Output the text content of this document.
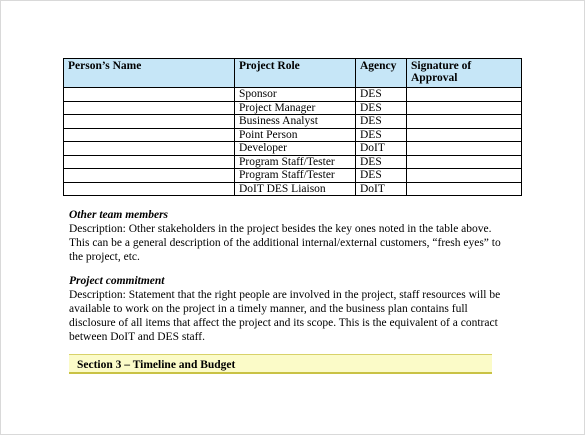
Person’s Name	Project Role	Agency	Signature of Approval
	Sponsor	DES	
	Project Manager	DES	
	Business Analyst	DES	
	Point Person	DES	
	Developer	DoIT	
	Program Staff/Tester	DES	
	Program Staff/Tester	DES	
	DoIT DES Liaison	DoIT	
Other team members
Description: Other stakeholders in the project besides the key ones noted in the table above.
This can be a general description of the additional internal/external customers, “fresh eyes” to
the project, etc.
Project commitment
Description: Statement that the right people are involved in the project, staff resources will be
available to work on the project in a timely manner, and the business plan contains full
disclosure of all items that affect the project and its scope. This is the equivalent of a contract
between DoIT and DES staff.
Section 3 – Timeline and Budget
